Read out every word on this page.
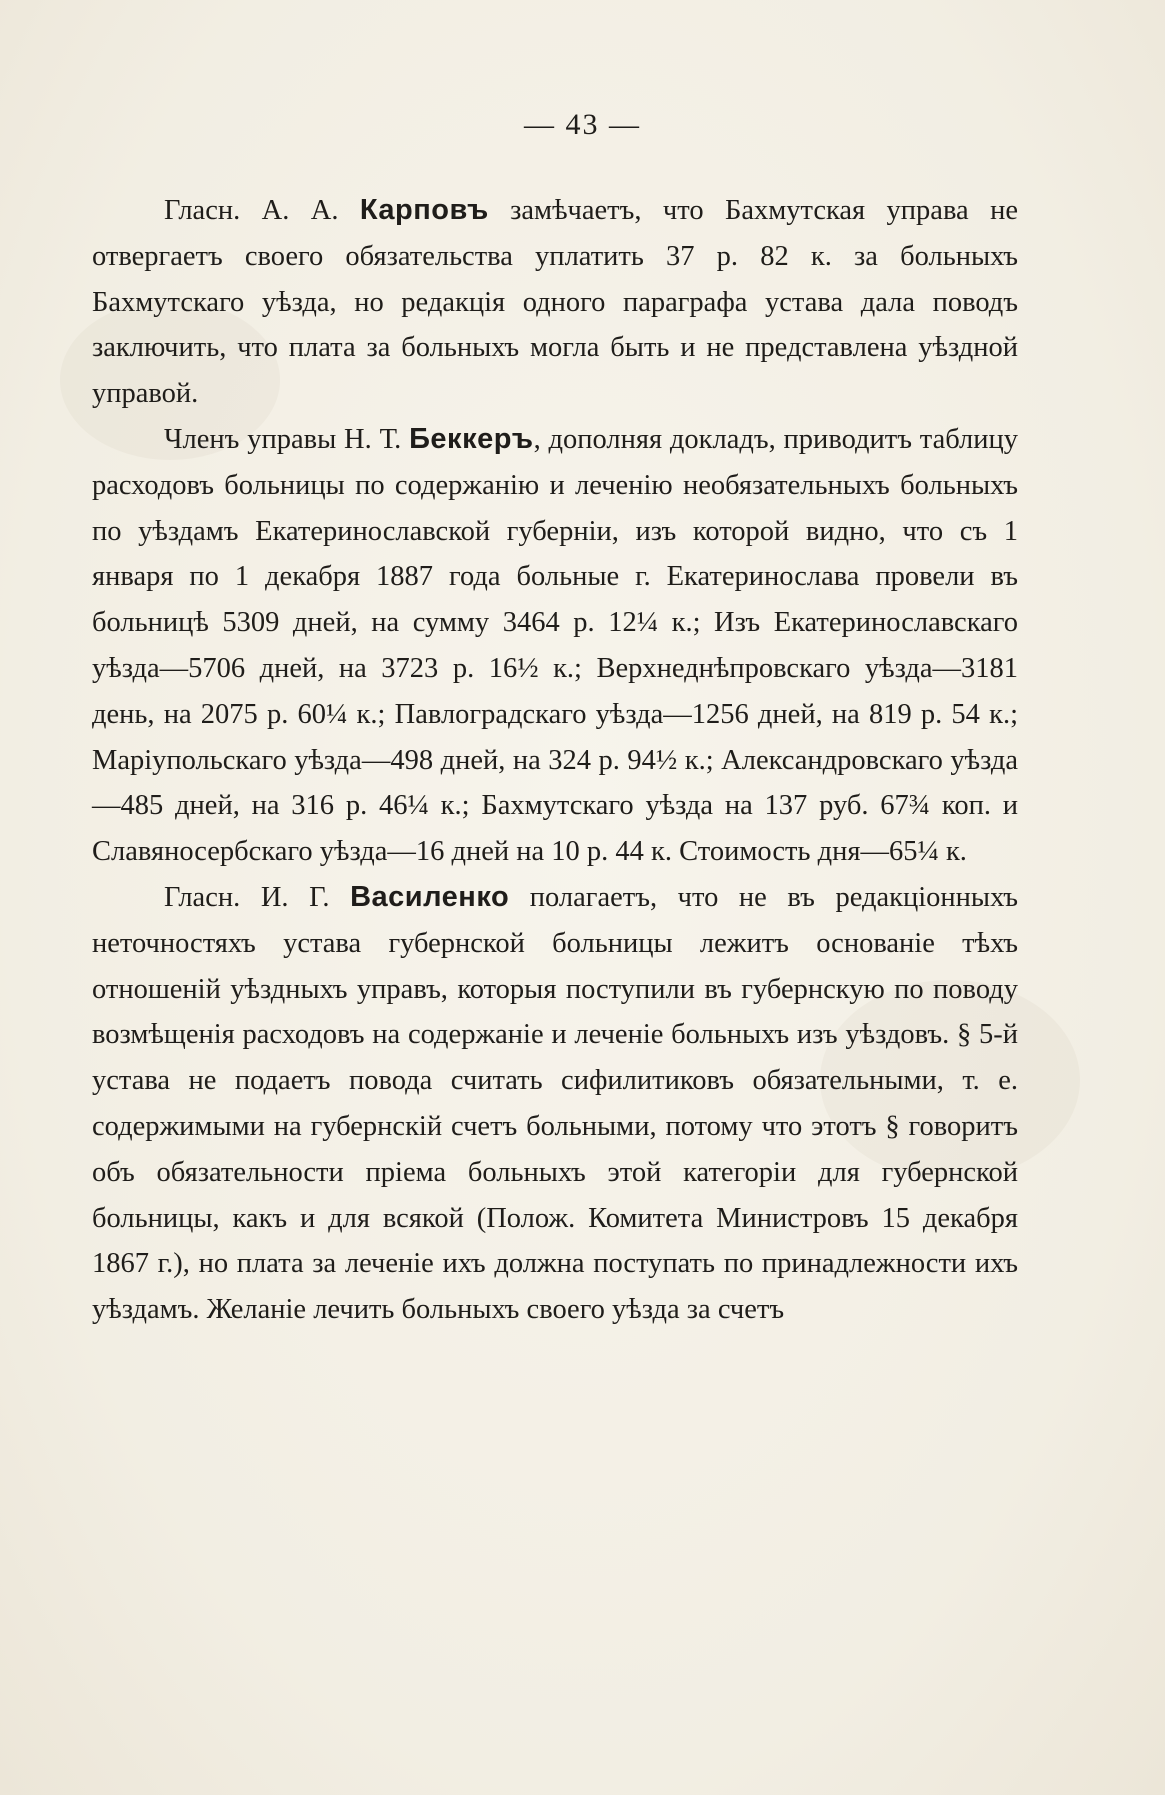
— 43 —

Гласн. А. А. Карповъ замѣчаетъ, что Бахмутская управа не отвергаетъ своего обязательства уплатить 37 р. 82 к. за больныхъ Бахмутскаго уѣзда, но редакція одного параграфа устава дала поводъ заключить, что плата за больныхъ могла быть и не представлена уѣздной управой.

Членъ управы Н. Т. Беккеръ, дополняя докладъ, приводитъ таблицу расходовъ больницы по содержанію и леченію необязательныхъ больныхъ по уѣздамъ Екатеринославской губерніи, изъ которой видно, что съ 1 января по 1 декабря 1887 года больные г. Екатеринослава провели въ больницѣ 5309 дней, на сумму 3464 р. 12¼ к.; Изъ Екатеринославскаго уѣзда—5706 дней, на 3723 р. 16½ к.; Верхнеднѣпровскаго уѣзда—3181 день, на 2075 р. 60¼ к.; Павлоградскаго уѣзда—1256 дней, на 819 р. 54 к.; Маріупольскаго уѣзда—498 дней, на 324 р. 94½ к.; Александровскаго уѣзда—485 дней, на 316 р. 46¼ к.; Бахмутскаго уѣзда на 137 руб. 67¾ коп. и Славяносербскаго уѣзда—16 дней на 10 р. 44 к. Стоимость дня—65¼ к.

Гласн. И. Г. Василенко полагаетъ, что не въ редакціонныхъ неточностяхъ устава губернской больницы лежитъ основаніе тѣхъ отношеній уѣздныхъ управъ, которыя поступили въ губернскую по поводу возмѣщенія расходовъ на содержаніе и леченіе больныхъ изъ уѣздовъ. § 5-й устава не подаетъ повода считать сифилитиковъ обязательными, т. е. содержимыми на губернскій счетъ больными, потому что этотъ § говоритъ объ обязательности пріема больныхъ этой категоріи для губернской больницы, какъ и для всякой (Полож. Комитета Министровъ 15 декабря 1867 г.), но плата за леченіе ихъ должна поступать по принадлежности ихъ уѣздамъ. Желаніе лечить больныхъ своего уѣзда за счетъ
